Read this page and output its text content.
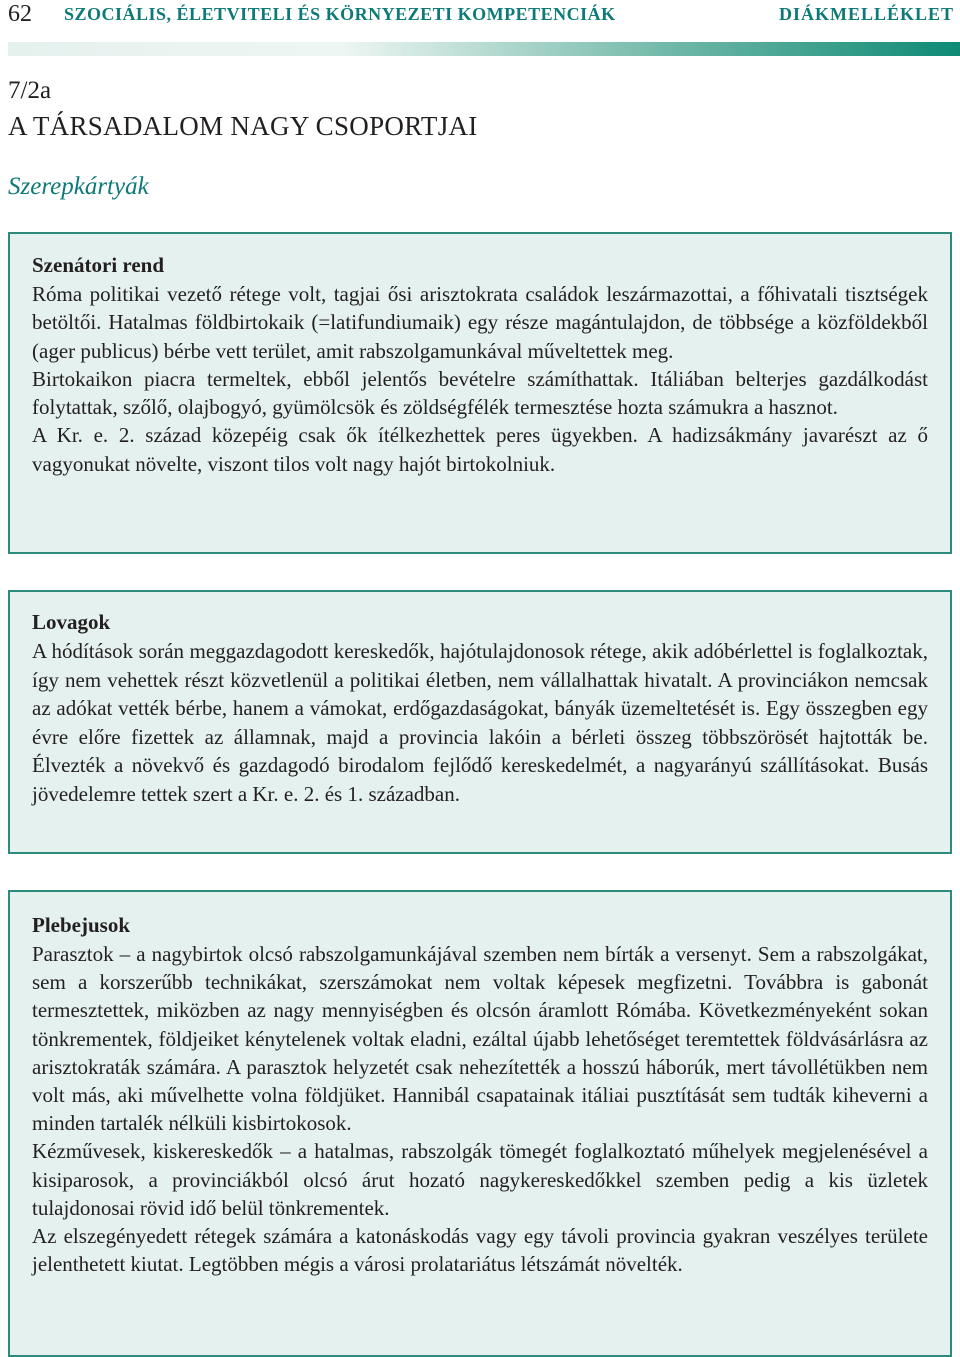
62 SZOCIÁLIS, ÉLETVITELI ÉS KÖRNYEZETI KOMPETENCIÁK	DIÁKMELLÉKLET
7/2a
A TÁRSADALOM NAGY CSOPORTJAI
Szerepkártyák
Szenátori rend

Róma politikai vezető rétege volt, tagjai ősi arisztokrata családok leszármazottai, a főhivatali tisztségek betöltői. Hatalmas földbirtokaik (=latifundiumaik) egy része magántulajdon, de többsége a közföldekből (ager publicus) bérbe vett terület, amit rabszolgamunkával műveltettek meg.

Birtokaikon piacra termeltek, ebből jelentős bevételre számíthattak. Itáliában belterjes gazdálkodást folytattak, szőlő, olajbogyó, gyümölcsök és zöldségfélék termesztése hozta számukra a hasznot.

A Kr. e. 2. század közepéig csak ők ítélkezhettek peres ügyekben. A hadizsákmány javarészt az ő vagyonukat növelte, viszont tilos volt nagy hajót birtokolniuk.

Lovagok

A hódítások során meggazdagodott kereskedők, hajótulajdonosok rétege, akik adóbérlettel is foglalkoztak, így nem vehettek részt közvetlenül a politikai életben, nem vállalhattak hivatalt. A provinciákon nemcsak az adókat vették bérbe, hanem a vámokat, erdőgazdaságokat, bányák üzemeltetését is. Egy összegben egy évre előre fizettek az államnak, majd a provincia lakóin a bérleti összeg többszörösét hajtották be. Élvezték a növekvő és gazdagodó birodalom fejlődő kereskedelmét, a nagyarányú szállításokat. Busás jövedelemre tettek szert a Kr. e. 2. és 1. században.

Plebejusok

Parasztok – a nagybirtok olcsó rabszolgamunkájával szemben nem bírták a versenyt. Sem a rabszolgákat, sem a korszerűbb technikákat, szerszámokat nem voltak képesek megfizetni. Továbbra is gabonát termesztettek, miközben az nagy mennyiségben és olcsón áramlott Rómába. Következményeként sokan tönkrementek, földjeiket kénytelenek voltak eladni, ezáltal újabb lehetőséget teremtettek földvásárlásra az arisztokraták számára. A parasztok helyzetét csak nehezítették a hosszú háborúk, mert távollétükben nem volt más, aki művelhette volna földjüket. Hannibál csapatainak itáliai pusztítását sem tudták kiheverni a minden tartalék nélküli kisbirtokosok.

Kézművesek, kiskereskedők – a hatalmas, rabszolgák tömegét foglalkoztató műhelyek megjelenésével a kisiparosok, a provinciákból olcsó árut hozató nagykereskedőkkel szemben pedig a kis üzletek tulajdonosai rövid idő belül tönkrementek.

Az elszegényedett rétegek számára a katonáskodás vagy egy távoli provincia gyakran veszélyes területe jelenthetett kiutat. Legtöbben mégis a városi prolatariátus létszámát növelték.
